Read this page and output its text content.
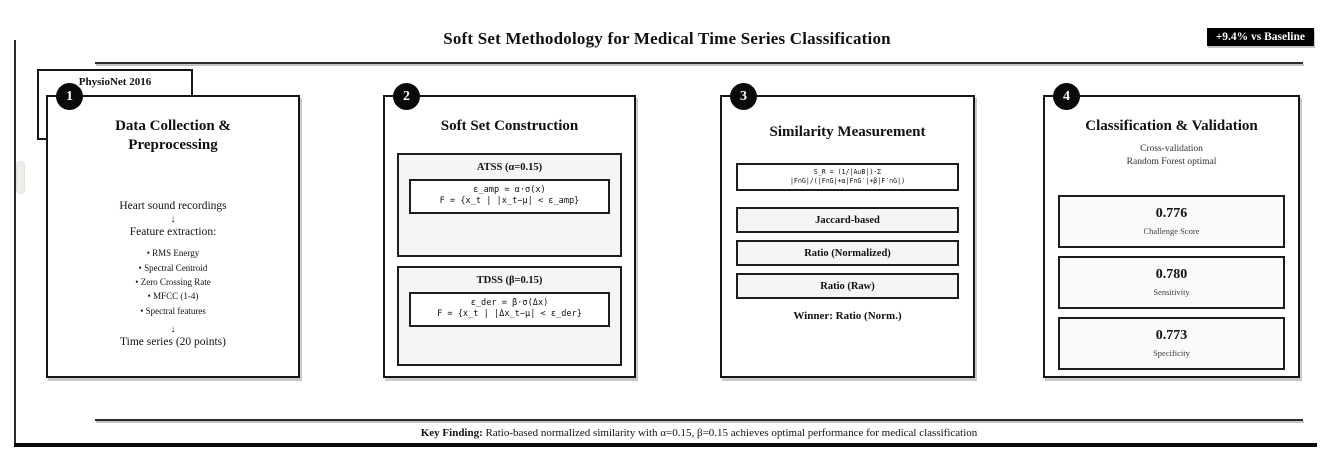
Soft Set Methodology for Medical Time Series Classification	+9.4% vs Baseline
PhysioNet 2016
1
Data Collection &
Preprocessing
Heart sound recordings
↓
Feature extraction:
• RMS Energy
• Spectral Centroid
• Zero Crossing Rate
• MFCC (1-4)
• Spectral features
↓
Time series (20 points)
2
Soft Set Construction
ATSS (α=0.15)
ε_amp = α·σ(x)
F = {x_t | |x_t−μ| < ε_amp}
TDSS (β=0.15)
ε_der = β·σ(Δx)
F = {x_t | |Δx_t−μ| < ε_der}
3
Similarity Measurement
S_R = (1/|A∪B|)·Σ
|F∩G|/(|F∩G|+α|F∩G′|+β|F′∩G|)
Jaccard-based
Ratio (Normalized)
Ratio (Raw)
Winner: Ratio (Norm.)
4
Classification & Validation
Cross-validation
Random Forest optimal
0.776
Challenge Score
0.780
Sensitivity
0.773
Specificity
Key Finding: Ratio-based normalized similarity with α=0.15, β=0.15 achieves optimal performance for medical classification
